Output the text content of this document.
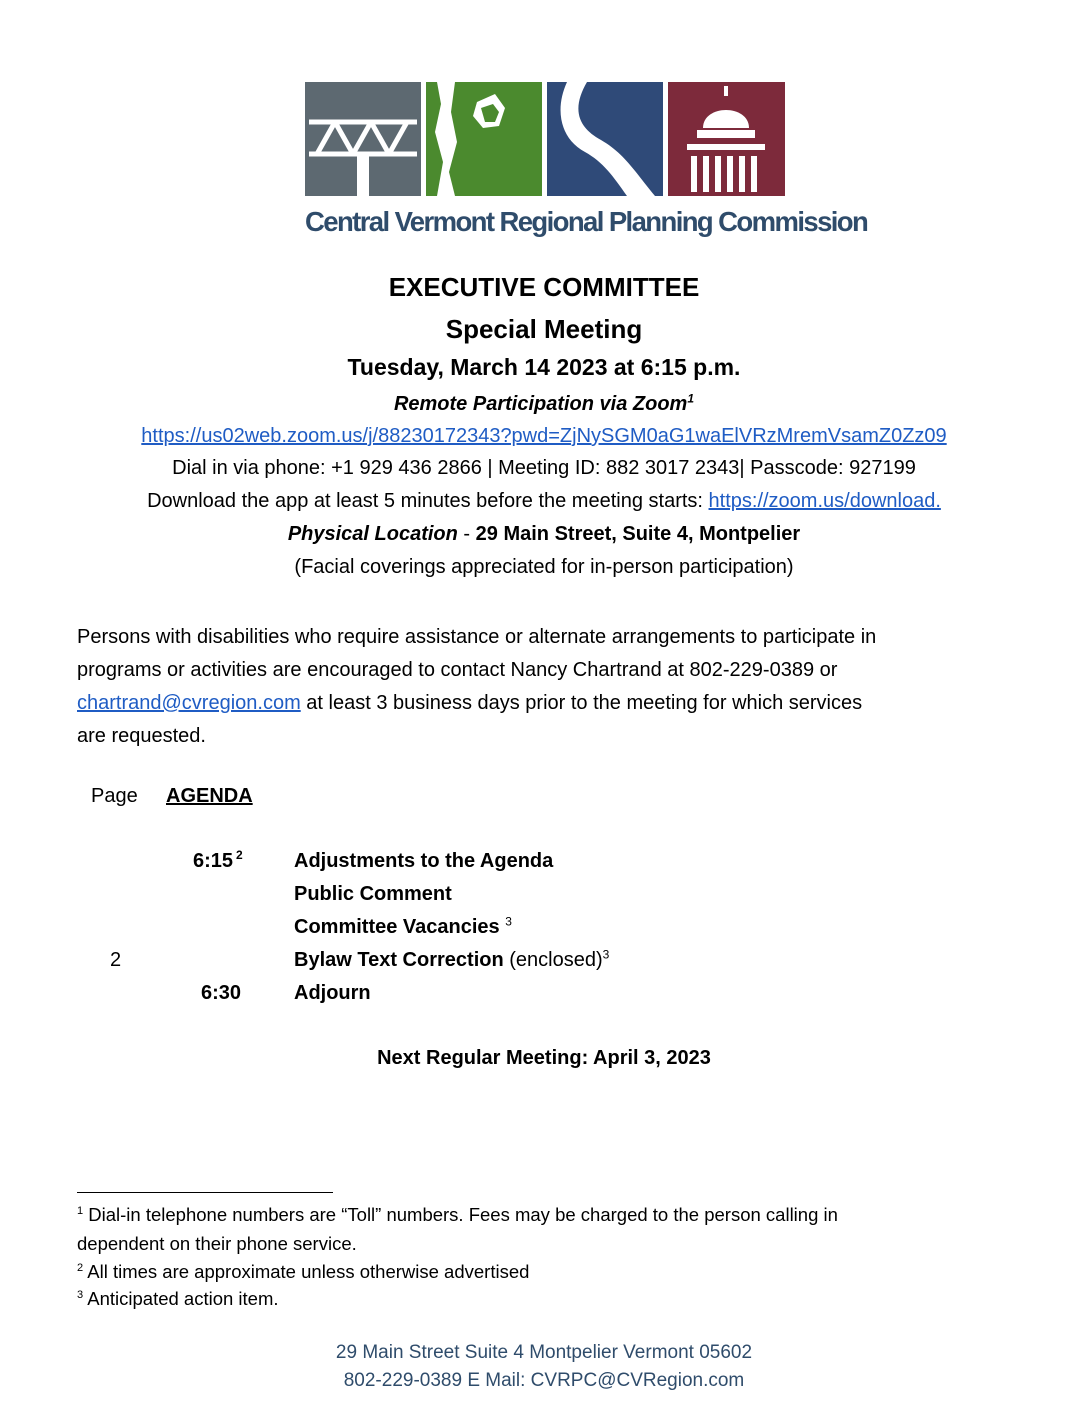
Central Vermont Regional Planning Commission
EXECUTIVE COMMITTEE
Special Meeting
Tuesday, March 14 2023 at 6:15 p.m.
Remote Participation via Zoom$^1$
https://us02web.zoom.us/j/88230172343?pwd=ZjNySGM0aG1waElVRzMremVsamZ0Zz09
Dial in via phone: +1 929 436 2866 | Meeting ID: 882 3017 2343| Passcode: 927199
Download the app at least 5 minutes before the meeting starts: https://zoom.us/download.
Physical Location - 29 Main Street, Suite 4, Montpelier
(Facial coverings appreciated for in-person participation)

Persons with disabilities who require assistance or alternate arrangements to participate in

programs or activities are encouraged to contact Nancy Chartrand at 802-229-0389 or

chartrand@cvregion.com at least 3 business days prior to the meeting for which services

are requested.

Page AGENDA
6:15 $^2$
6:30
Adjustments to the Agenda
Public Comment
Committee Vacancies $^3$
2	Bylaw Text Correction (enclosed)$^3$
Adjourn
Next Regular Meeting: April 3, 2023
$^1$ Dial-in telephone numbers are “Toll” numbers. Fees may be charged to the person calling in
dependent on their phone service.
$^2$ All times are approximate unless otherwise advertised
$^3$ Anticipated action item.
29 Main Street Suite 4 Montpelier Vermont 05602
802-229-0389 E Mail: CVRPC@CVRegion.com
